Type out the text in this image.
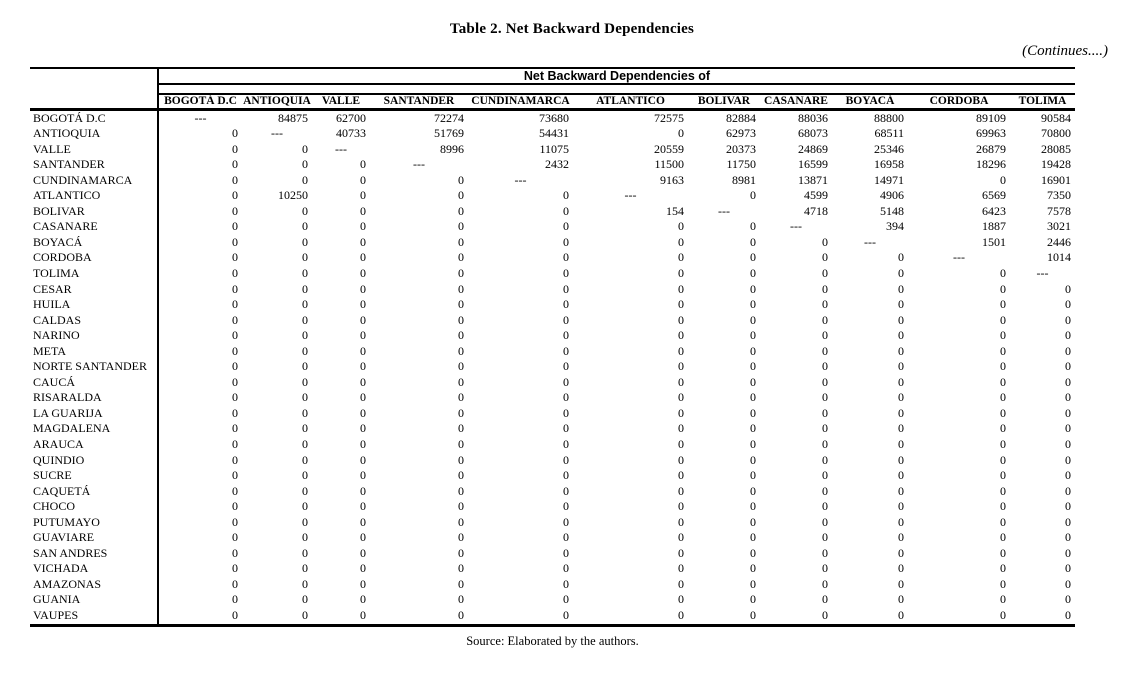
Table 2. Net Backward Dependencies
(Continues....)
	Net Backward Dependencies of										

	BOGOTÁ D.C	ANTIOQUIA	VALLE	SANTANDER	CUNDINAMARCA	ATLANTICO	BOLIVAR	CASANARE	BOYACÁ	CORDOBA	TOLIMA
BOGOTÁ D.C	---	84875	62700	72274	73680	72575	82884	88036	88800	89109	90584
ANTIOQUIA	0	---	40733	51769	54431	0	62973	68073	68511	69963	70800
VALLE	0	0	---	8996	11075	20559	20373	24869	25346	26879	28085
SANTANDER	0	0	0	---	2432	11500	11750	16599	16958	18296	19428
CUNDINAMARCA	0	0	0	0	---	9163	8981	13871	14971	0	16901
ATLANTICO	0	10250	0	0	0	---	0	4599	4906	6569	7350
BOLIVAR	0	0	0	0	0	154	---	4718	5148	6423	7578
CASANARE	0	0	0	0	0	0	0	---	394	1887	3021
BOYACÁ	0	0	0	0	0	0	0	0	---	1501	2446
CORDOBA	0	0	0	0	0	0	0	0	0	---	1014
TOLIMA	0	0	0	0	0	0	0	0	0	0	---
CESAR	0	0	0	0	0	0	0	0	0	0	0
HUILA	0	0	0	0	0	0	0	0	0	0	0
CALDAS	0	0	0	0	0	0	0	0	0	0	0
NARINO	0	0	0	0	0	0	0	0	0	0	0
META	0	0	0	0	0	0	0	0	0	0	0
NORTE SANTANDER	0	0	0	0	0	0	0	0	0	0	0
CAUCÁ	0	0	0	0	0	0	0	0	0	0	0
RISARALDA	0	0	0	0	0	0	0	0	0	0	0
LA GUARIJA	0	0	0	0	0	0	0	0	0	0	0
MAGDALENA	0	0	0	0	0	0	0	0	0	0	0
ARAUCA	0	0	0	0	0	0	0	0	0	0	0
QUINDIO	0	0	0	0	0	0	0	0	0	0	0
SUCRE	0	0	0	0	0	0	0	0	0	0	0
CAQUETÁ	0	0	0	0	0	0	0	0	0	0	0
CHOCO	0	0	0	0	0	0	0	0	0	0	0
PUTUMAYO	0	0	0	0	0	0	0	0	0	0	0
GUAVIARE	0	0	0	0	0	0	0	0	0	0	0
SAN ANDRES	0	0	0	0	0	0	0	0	0	0	0
VICHADA	0	0	0	0	0	0	0	0	0	0	0
AMAZONAS	0	0	0	0	0	0	0	0	0	0	0
GUANIA	0	0	0	0	0	0	0	0	0	0	0
VAUPES	0	0	0	0	0	0	0	0	0	0	0
Source: Elaborated by the authors.
